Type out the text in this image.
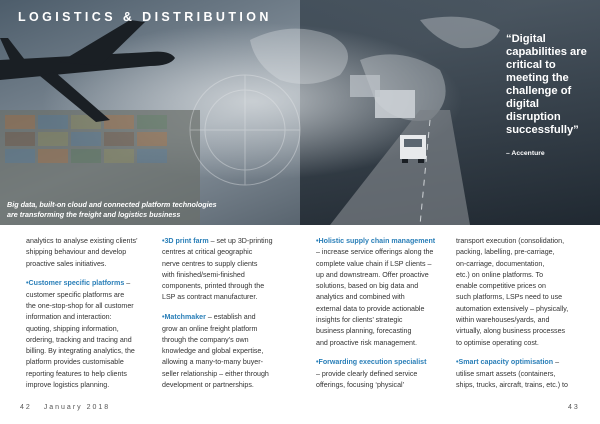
LOGISTICS & DISTRIBUTION
“Digital capabilities are critical to meeting the challenge of digital disruption successfully”
– Accenture
Big data, built-on cloud and connected platform technologies
are transforming the freight and logistics business

analytics to analyse existing clients’
shipping behaviour and develop
proactive sales initiatives.

•Customer specific platforms –
customer specific platforms are
the one-stop-shop for all customer
information and interaction:
quoting, shipping information,
ordering, tracking and tracing and
billing. By integrating analytics, the
platform provides customisable
reporting features to help clients
improve logistics planning.

•3D print farm – set up 3D-printing
centres at critical geographic
nerve centres to supply clients
with finished/semi-finished
components, printed through the
LSP as contract manufacturer.

•Matchmaker – establish and
grow an online freight platform
through the company’s own
knowledge and global expertise,
allowing a many-to-many buyer-
seller relationship – either through
development or partnerships.

•Holistic supply chain management
– increase service offerings along the
complete value chain if LSP clients –
up and downstream. Offer proactive
solutions, based on big data and
analytics and combined with
external data to provide actionable
insights for clients’ strategic
business planning, forecasting
and proactive risk management.

•Forwarding execution specialist
– provide clearly defined service
offerings, focusing ‘physical’

transport execution (consolidation,
packing, labelling, pre-carriage,
on-carriage, documentation,
etc.) on online platforms. To
enable competitive prices on
such platforms, LSPs need to use
automation extensively – physically,
within warehouses/yards, and
virtually, along business processes
to optimise operating cost.

•Smart capacity optimisation –
utilise smart assets (containers,
ships, trucks, aircraft, trains, etc.) to

42 January 2018	43
